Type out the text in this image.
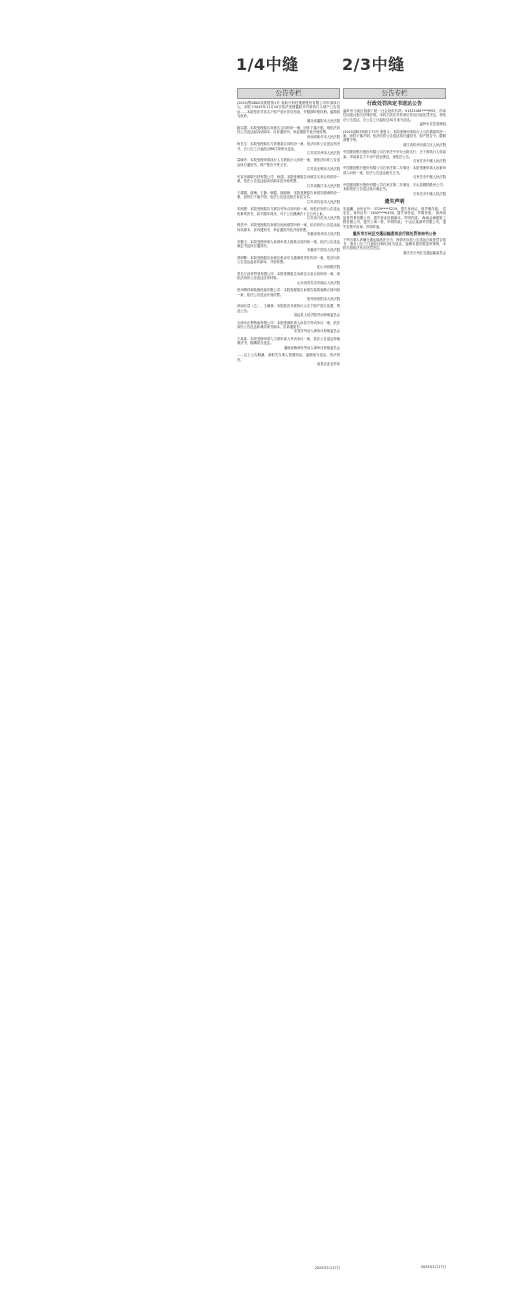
1/4中缝	2/3中缝
公告专栏
(2025)鄂0602执保提第1号 高新兴科技集团股份有限公司申请执行人，本院于2025年11月20日依法受理襄阳市对被执行人财产公告送达……本院依法对其名下财产进行评估拍卖，并限期申报权利。逾期视为放弃。
湖北省襄阳市人民法院
姚以置：本院受理原告诉被告合同纠纷一案，因你下落不明，现依法向你公告送达起诉状副本、应诉通知书、举证通知书及开庭传票。
河南省焦作市人民法院
杨长生：本院受理原告与你借款合同纠纷一案，依法向你公告送达判决书，自公告之日起经过60日即视为送达。
江苏省苏州市人民法院
葛晓冬：本院受理申请执行人与被执行人纠纷一案，现依法向你公告送达执行通知书、财产报告令等文书。
江苏省无锡市人民法院
句容市都联石材有限公司、杨超：本院受理原告诉被告买卖合同纠纷一案，依法公告送达起诉状副本及开庭传票。
江苏省镇江市人民法院
王德娟、薛梅、王静、韩霞、薛淑艳：本院受理原告诉被告继承纠纷一案，因你们下落不明，依法公告送达相关诉讼文书。
江苏省句容市人民法院
朱明建：本院受理原告与被告劳务合同纠纷一案，现依法向你公告送达民事判决书，如不服本判决，可于公告期满后十五日内上诉。
江苏省兴化市人民法院
程效中：本院受理原告诉被告民间借贷纠纷一案，依法向你公告送达起诉状副本、应诉通知书、举证通知书及开庭传票。
安徽省亳州市人民法院
安徽文：本院受理申请人诉被申请人借款合同纠纷一案，依法公告送达裁定书及执行通知书。
安徽省宁国市人民法院
蔡明辉：本院受理原告诉被告机动车交通事故责任纠纷一案，依法向你公告送达起诉状副本、开庭传票。
佳山市协路法院
青岛万河邦贸易有限公司：本院受理原告诉被告买卖合同纠纷一案，现依法向你公告送达应诉材料。
山东省青岛市市南区人民法院
贵州博祥和装修设备有限公司：本院受理原告诉被告装饰装修合同纠纷一案，依法公告送达开庭传票。
贵州省贵阳市人民法院
河南长葛（乙）、王满林：本院依法对被执行人名下财产进行处置，特此公告。
清远县人民法院劳动仲裁委员会
天津市正利物流有限公司：本院受理申请人诉你方劳动争议一案，依法向你公告送达仲裁申请书副本、应诉通知书。
东莞市劳动人事争议仲裁委员会
王某某：本院受理申请人与被申请人劳动争议一案，依法公告送达仲裁裁决书，期满视为送达。
湖南省株洲市劳动人事争议仲裁委员会
……以上公告期满，请相关当事人按期到达，逾期视为送达，依法判决。
某县农业农村局
2025年1月17日
公告专栏
行政处罚决定书送达公告
温岭市当前区旅游厂统一社会信用代码：91331081****JP07，你单位因违反相关法律法规，本机关依法对你单位作出行政处罚决定，现依法公告送达，自公告之日起经过30日视为送达。
温岭市应急管理局
(2025)浙03执恢字73号 张胜义：本院受理申请执行人与你借款纠纷一案，因你下落不明，依法向你公告送达执行通知书、财产报告令、限制消费令等。
浙江省杭州市滨江区人民法院
中国建设银行股份有限公司石家庄中华北大街支行：关于被执行人张某某、李某某名下不动产拍卖事宜，现依法公告。
石家庄市中级人民法院
中国建设银行股份有限公司石家庄第二办事处：本院受理申请人诉被申请人纠纷一案，依法公告送达相关文书。
石家庄市中级人民法院
中国建设银行股份有限公司石家庄第二办事处、平山县钢铁股份公司：本院依法公告送达执行裁定书。
石家庄市中级人民法院
遗失声明
朱福鹏，身份证号：3729****5219，遗失身份证，现声明作废。 武宏宏，身份证号：1302****0430，遗失身份证，声明作废。 贵州省宸星贸易有限公司，遗失营业执照副本，声明作废。 海南众诚建筑工程有限公司，遗失公章一枚，声明作废。 中山区某商贸有限公司，遗失发票专用章，声明作废。
重庆市万州区交通运输委员会行政处罚告知书公告
下列当事人涉嫌交通运输违法行为，现依法向你公告送达行政处罚告知书。请自公告之日起经过60日视为送达，逾期未提出陈述申辩的，本机关将依法作出处罚决定。
重庆市万州区交通运输委员会
2025年1月17日
